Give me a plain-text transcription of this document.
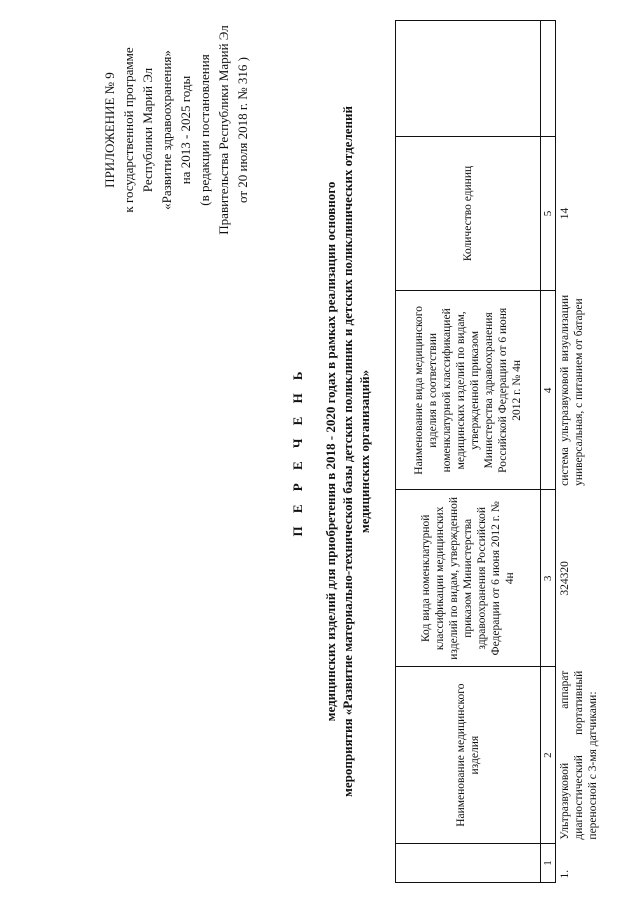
ПРИЛОЖЕНИЕ № 9 к государственной программе Республики Марий Эл «Развитие здравоохранения» на 2013 - 2025 годы (в редакции постановления Правительства Республики Марий Эл от 20 июля 2018 г. № 316 )
П Е Р Е Ч Е Н Ь медицинских изделий для приобретения в 2018 - 2020 годах в рамках реализации основного мероприятия «Развитие материально-технической базы детских поликлиник и детских поликлинических отделений медицинских организаций»
	Наименование медицинского изделия	Код вида номенклатурной классификации медицинских изделий по видам, утвержденной приказом Министерства здравоохранения Российской Федерации от 6 июня 2012 г. № 4н	Наименование вида медицинского изделия в соответствии номенклатурной классификацией медицинских изделий по видам, утвержденной приказом Министерства здравоохранения Российской Федерации от 6 июня 2012 г. № 4н	Количество единиц	
1	2	3	4	5	
1.	Ультразвуковой аппарат диагностический портативный переносной с 3-мя датчиками:	324320	система ультразвуковой визуализации универсальная, с питанием от батареи	14	
